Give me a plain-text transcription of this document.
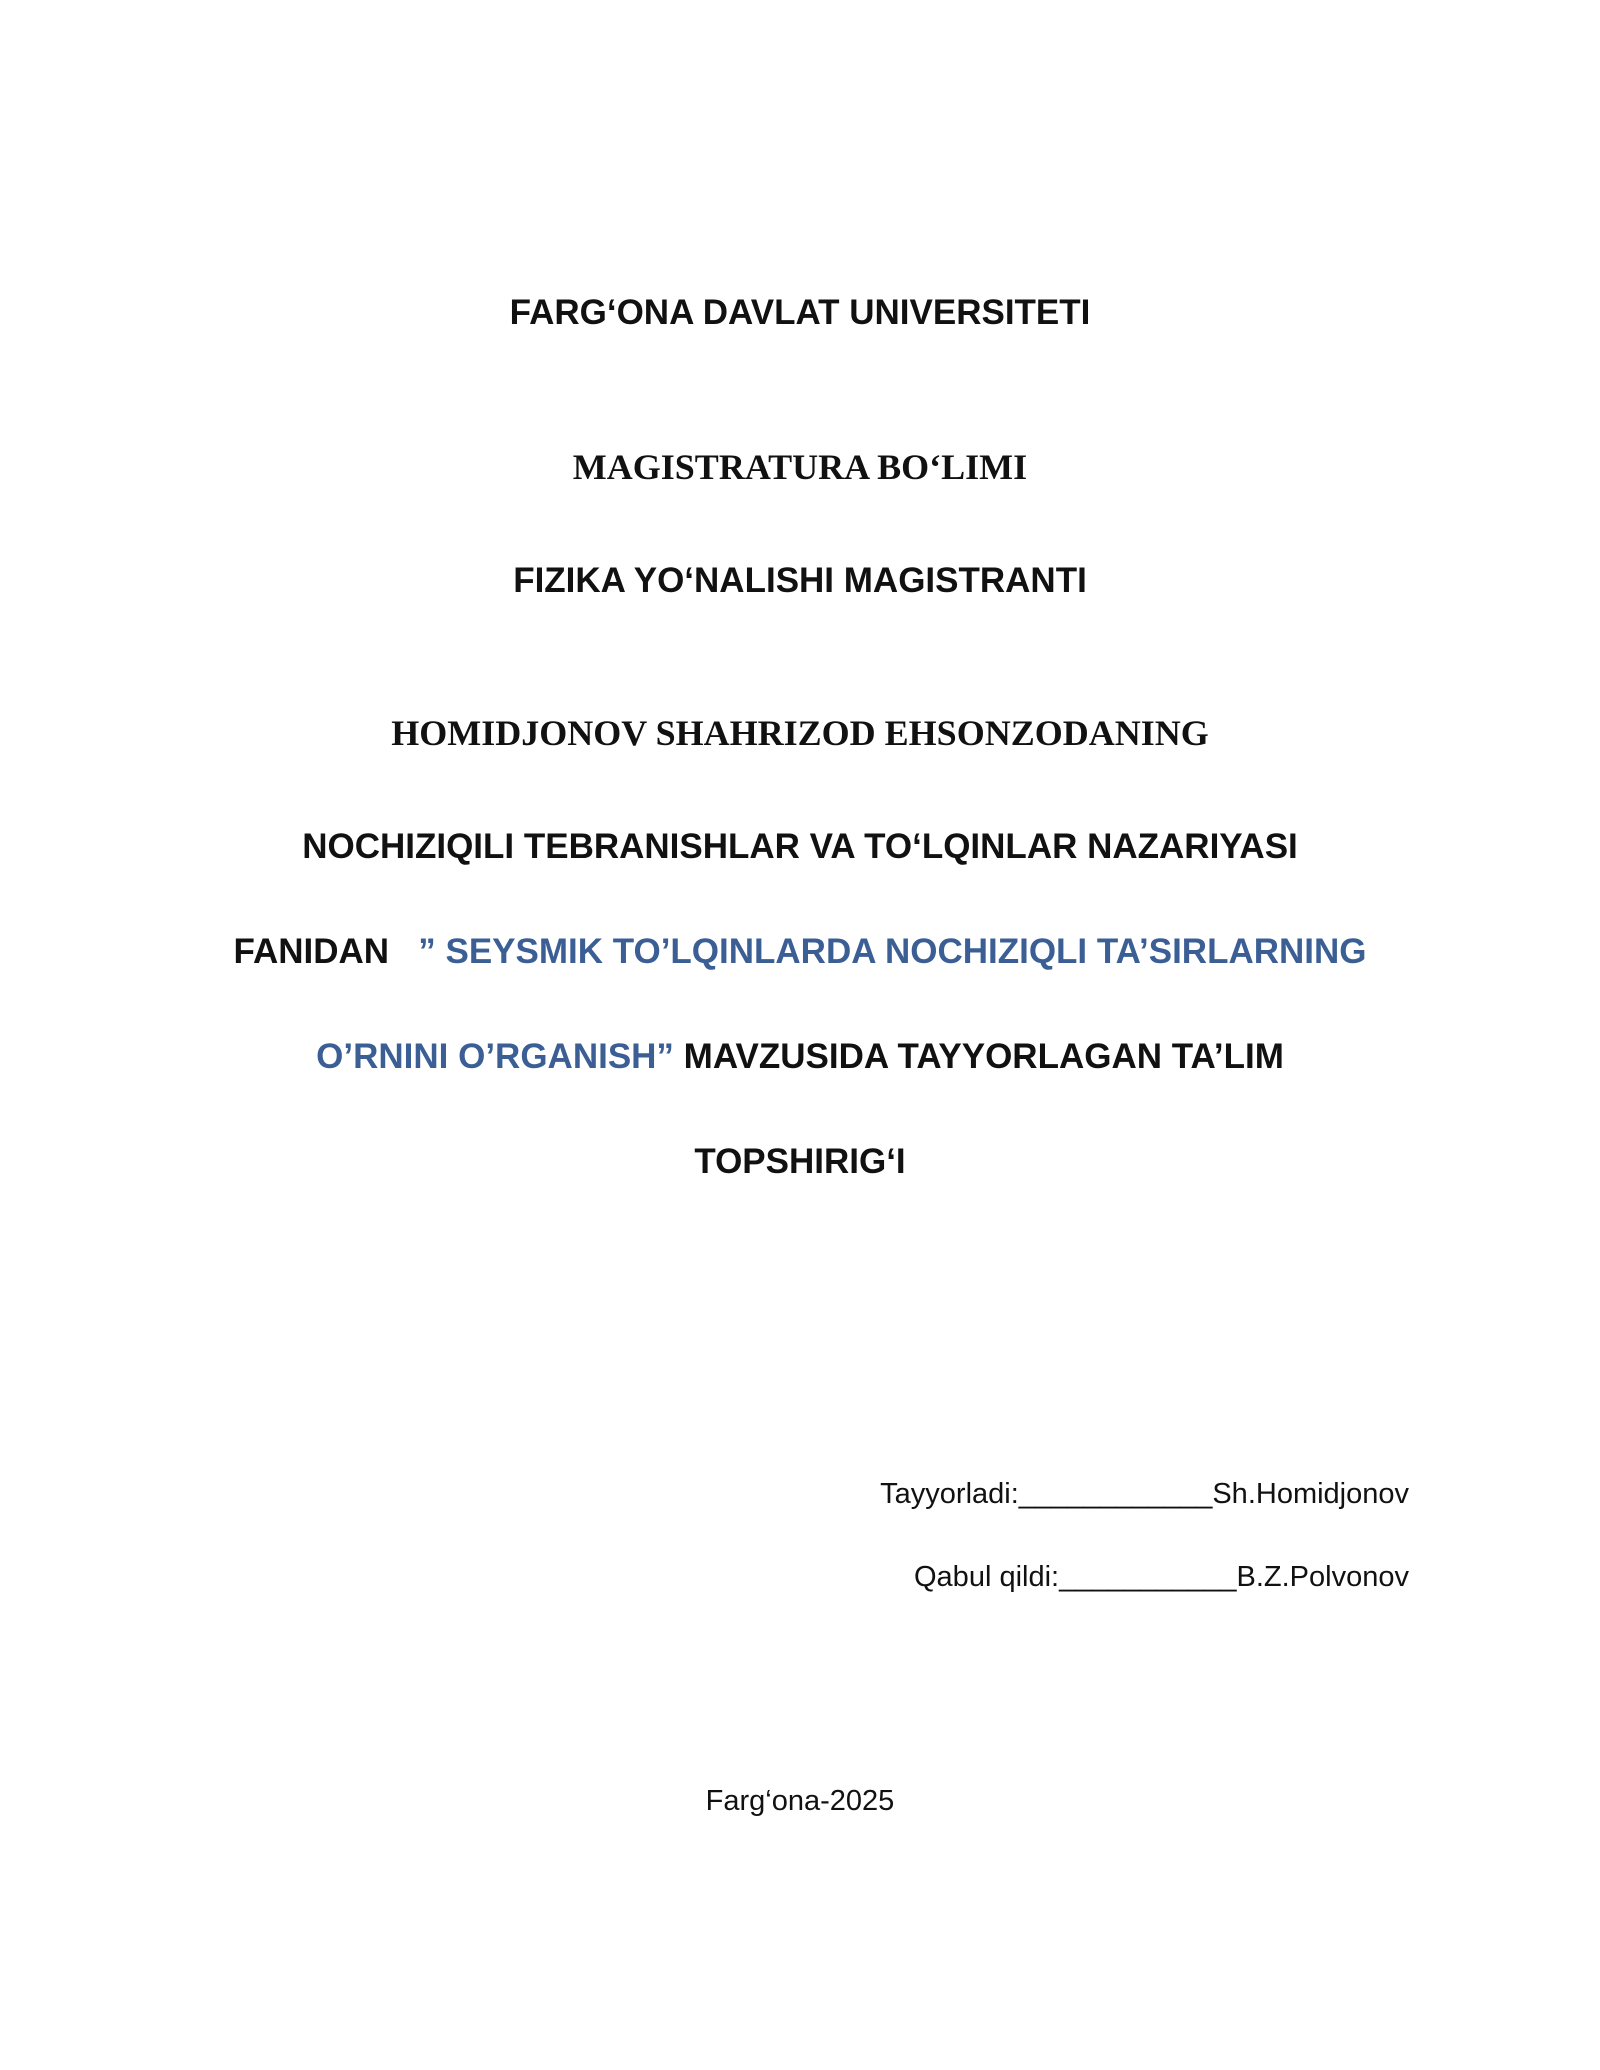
FARG‘ONA DAVLAT UNIVERSITETI
MAGISTRATURA BO‘LIMI
FIZIKA YO‘NALISHI MAGISTRANTI
HOMIDJONOV SHAHRIZOD EHSONZODANING
NOCHIZIQILI TEBRANISHLAR VA TO‘LQINLAR NAZARIYASI
FANIDAN ” SEYSMIK TO’LQINLARDA NOCHIZIQLI TA’SIRLARNING
O’RNINI O’RGANISH” MAVZUSIDA TAYYORLAGAN TA’LIM
TOPSHIRIG‘I
Tayyorladi:____________Sh.Homidjonov
Qabul qildi:___________B.Z.Polvonov
Farg‘ona-2025
